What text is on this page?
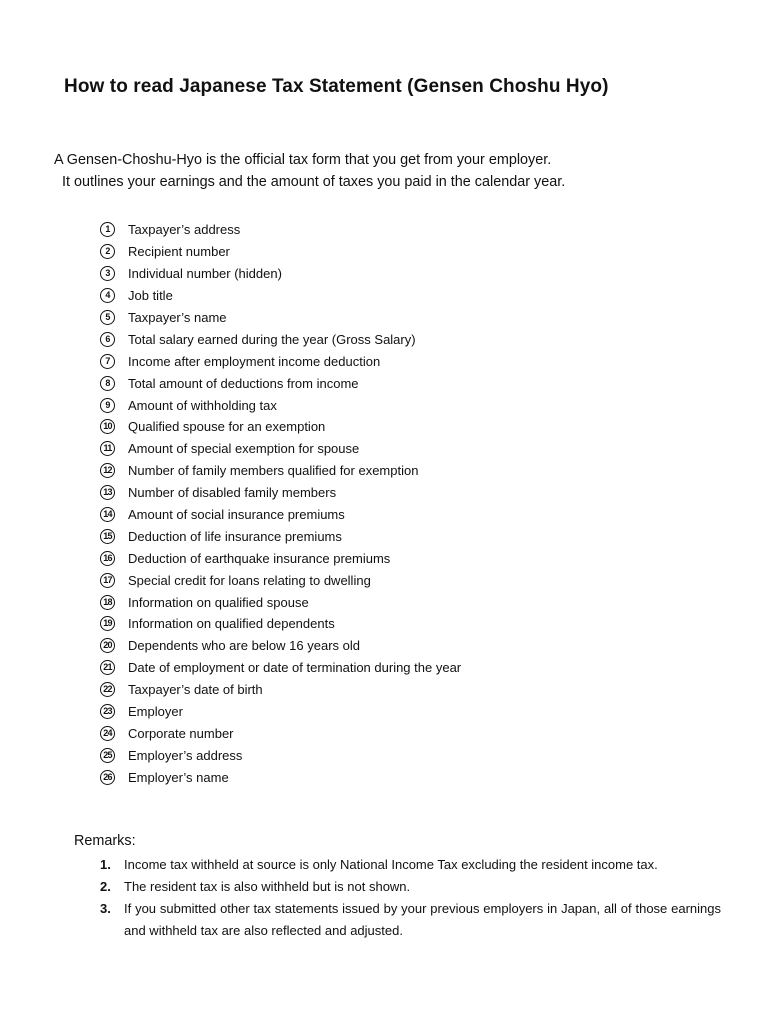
How to read Japanese Tax Statement (Gensen Choshu Hyo)
A Gensen-Choshu-Hyo is the official tax form that you get from your employer.
It outlines your earnings and the amount of taxes you paid in the calendar year.
1	Taxpayer’s address
2	Recipient number
3	Individual number (hidden)
4	Job title
5	Taxpayer’s name
6	Total salary earned during the year (Gross Salary)
7	Income after employment income deduction
8	Total amount of deductions from income
9	Amount of withholding tax
10 Qualified spouse for an exemption
11 Amount of special exemption for spouse
12 Number of family members qualified for exemption
13 Number of disabled family members
14 Amount of social insurance premiums
15 Deduction of life insurance premiums
16 Deduction of earthquake insurance premiums
17 Special credit for loans relating to dwelling
18 Information on qualified spouse
19 Information on qualified dependents
20 Dependents who are below 16 years old
21 Date of employment or date of termination during the year
22 Taxpayer’s date of birth
23 Employer
24 Corporate number
25 Employer’s address
26 Employer’s name
Remarks:
1.	Income tax withheld at source is only National Income Tax excluding the resident income tax.
2.	The resident tax is also withheld but is not shown.
3.	If you submitted other tax statements issued by your previous employers in Japan, all of those earnings and withheld tax are also reflected and adjusted.
